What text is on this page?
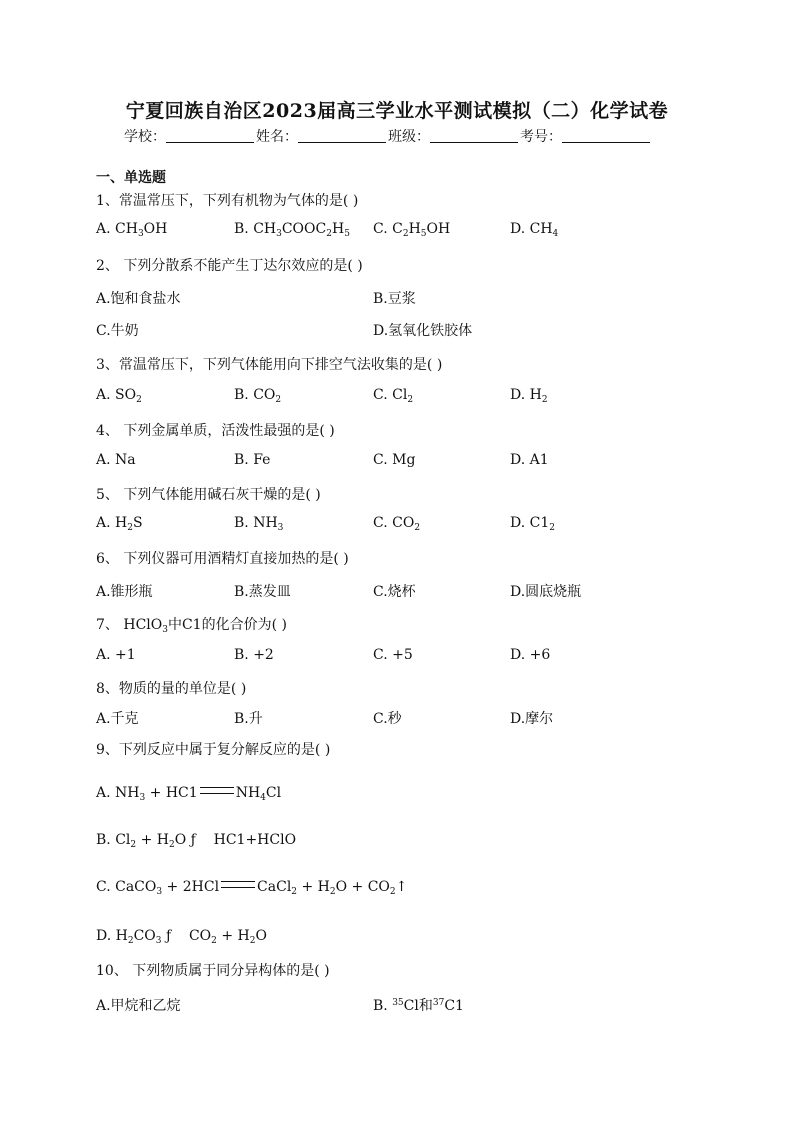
宁夏回族自治区2023届高三学业水平测试模拟（二）化学试卷
学校：	姓名：	班级：	考号：
一、单选题
1、常温常压下，下列有机物为气体的是( )
A. $CH_3OH$	B. $CH_3COOC_2H_5$ C. $C_2H_5OH$	D. $CH_4$
2、 下列分散系不能产生丁达尔效应的是( )
A.饱和食盐水	B.豆浆
C.牛奶	D.氢氧化铁胶体
3、常温常压下，下列气体能用向下排空气法收集的是( )
A. $SO_2$	B. $CO_2$	C. $Cl_2$	D. $H_2$
4、 下列金属单质，活泼性最强的是( )
A. Na	B. Fe	C. Mg	D. A1
5、 下列气体能用碱石灰干燥的是( )
A. $H_2S$	B. $NH_3$	C. $CO_2$	D. $C1_2$
6、 下列仪器可用酒精灯直接加热的是( )
A.锥形瓶	B.蒸发皿	C.烧杯	D.圆底烧瓶
7、 HClO$_3$中C1的化合价为( )
A. +1	B. +2	C. +5	D. +6
8、物质的量的单位是( )
A.千克	B.升	C.秒	D.摩尔
9、下列反应中属于复分解反应的是( )
A. $NH_3 + HC1$	$NH_4Cl$
B. $Cl_2 + H_2O$ ƒ    HC1+HClO
C. CaCO$_3$ + 2HCl	CaCl$_2$ + $H_2O$ + $CO_2↑$
D. $H_2CO_3$ ƒ    $CO_2 + H_2O$
10、 下列物质属于同分异构体的是( )
A.甲烷和乙烷	B. $^{35}$Cl和$^{37}$C1
